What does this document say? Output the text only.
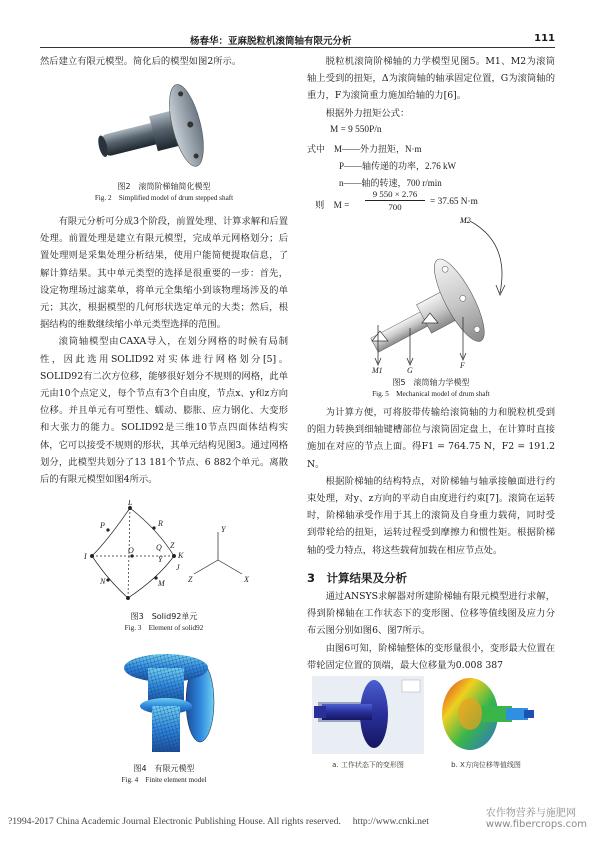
杨春华：亚麻脱粒机滚筒轴有限元分析	111

然后建立有限元模型。简化后的模型如图2所示。

图2　滚筒阶梯轴简化模型

Fig. 2　Simplified model of drum stepped shaft

有限元分析可分成3个阶段，前置处理、计算求解和后置处理。前置处理是建立有限元模型，完成单元网格划分；后置处理则是采集处理分析结果，使用户能简便提取信息，了解计算结果。其中单元类型的选择是很重要的一步：首先，设定物理场过滤菜单，将单元全集缩小到该物理场涉及的单元；其次，根据模型的几何形状选定单元的大类；然后，根据结构的维数继续缩小单元类型选择的范围。

滚筒轴模型由CAXA导入，在划分网格的时候有局制性，因此选用SOLID92对实体进行网格划分[5]。SOLID92有二次方位移，能够很好划分不规则的网格，此单元由10个点定义，每个节点有3个自由度，节点x、y和z方向位移。并且单元有可塑性、蠕动、膨胀、应力钢化、大变形和大张力的能力。SOLID92是三维10节点四面体结构实体，它可以接受不规则的形状，其单元结构见图3。通过网格划分，此模型共划分了13 181个节点、6 882个单元。离散后的有限元模型如图4所示。

L
P	R
I
Q
Y
Z
N
K
J
M
O
Y
Z	X

图3　Solid92单元

Fig. 3　Element of solid92

图4　有限元模型

Fig. 4　Finite element model

脱粒机滚筒阶梯轴的力学模型见图5。M1、M2为滚筒轴上受到的扭矩，Δ为滚筒轴的轴承固定位置，G为滚筒轴的重力，F为滚筒重力施加给轴的力[6]。

根据外力扭矩公式：

M = 9 550P/n
式中　M——外力扭矩，N·m
P——轴传递的功率，2.76 kW
n——轴的转速，700 r/min
则　M =
9 550 × 2.76
700	= 37.65 N·m
M2
M1	G
F

图5　滚筒轴力学模型

Fig. 5　Mechanical model of drum shaft

为计算方便，可将胶带传输给滚筒轴的力和脱粒机受到的阻力转换到细轴键槽部位与滚筒固定盘上，在计算时直接施加在对应的节点上面。得F1 = 764.75 N，F2 = 191.2 N。

根据阶梯轴的结构特点，对阶梯轴与轴承接触面进行约束处理，对y、z方向的平动自由度进行约束[7]。滚筒在运转时，阶梯轴承受作用于其上的滚筒及自身重力载荷，同时受到带轮给的扭矩，运转过程受到摩擦力和惯性矩。根据阶梯轴的受力特点，将这些载荷加载在相应节点处。

3　计算结果及分析

通过ANSYS求解器对所建阶梯轴有限元模型进行求解，得到阶梯轴在工作状态下的变形图、位移等值线图及应力分布云图分别如图6、图7所示。

由图6可知，阶梯轴整体的变形量很小，变形最大位置在带轮固定位置的顶端，最大位移量为0.008 387

a. 工作状态下的变形图	b. X方向位移等值线图
?1994-2017 China Academic Journal Electronic Publishing House. All rights reserved.　 http://www.cnki.net
农作物营养与施肥网
www.fibercrops.com
